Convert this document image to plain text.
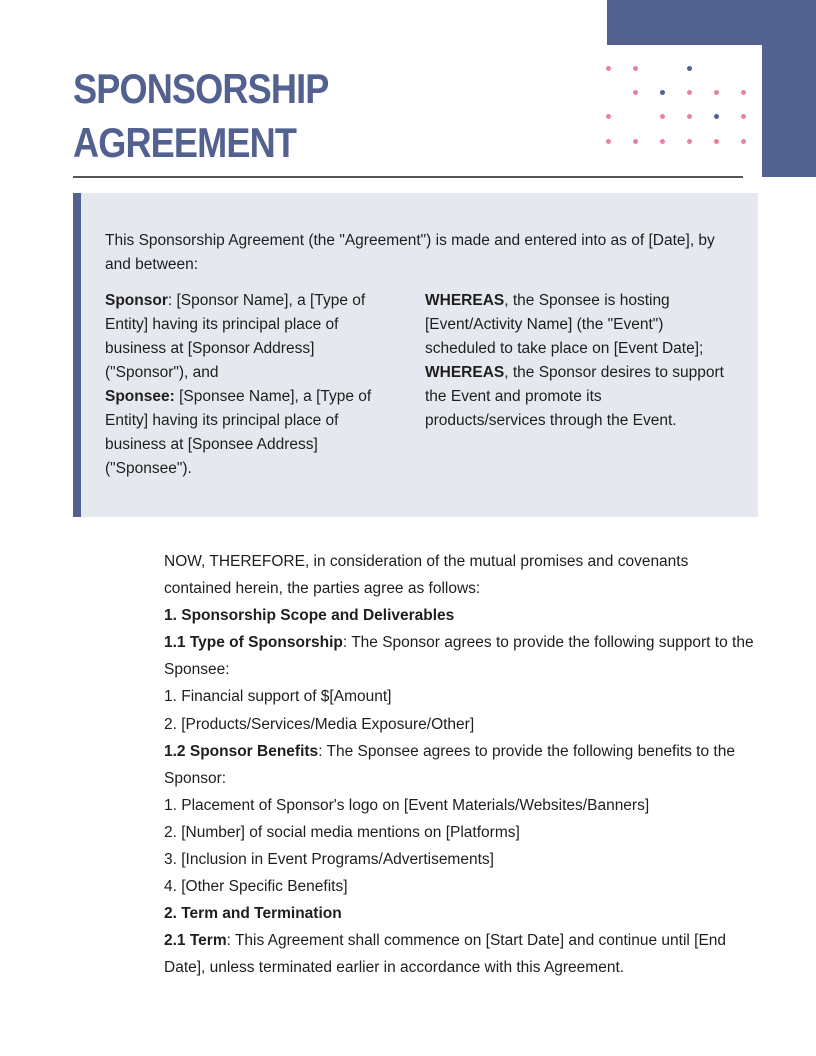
SPONSORSHIP
AGREEMENT

This Sponsorship Agreement (the "Agreement") is made and entered into as of [Date], by and between:

Sponsor: [Sponsor Name], a [Type of Entity] having its principal place of business at [Sponsor Address] ("Sponsor"), and

Sponsee: [Sponsee Name], a [Type of Entity] having its principal place of business at [Sponsee Address] ("Sponsee").

WHEREAS, the Sponsee is hosting [Event/Activity Name] (the "Event") scheduled to take place on [Event Date];

WHEREAS, the Sponsor desires to support the Event and promote its products/services through the Event.

NOW, THEREFORE, in consideration of the mutual promises and covenants contained herein, the parties agree as follows:

1. Sponsorship Scope and Deliverables

1.1 Type of Sponsorship: The Sponsor agrees to provide the following support to the Sponsee:

1. Financial support of $[Amount]

2. [Products/Services/Media Exposure/Other]

1.2 Sponsor Benefits: The Sponsee agrees to provide the following benefits to the Sponsor:

1. Placement of Sponsor's logo on [Event Materials/Websites/Banners]

2. [Number] of social media mentions on [Platforms]

3. [Inclusion in Event Programs/Advertisements]

4. [Other Specific Benefits]

2. Term and Termination

2.1 Term: This Agreement shall commence on [Start Date] and continue until [End Date], unless terminated earlier in accordance with this Agreement.
